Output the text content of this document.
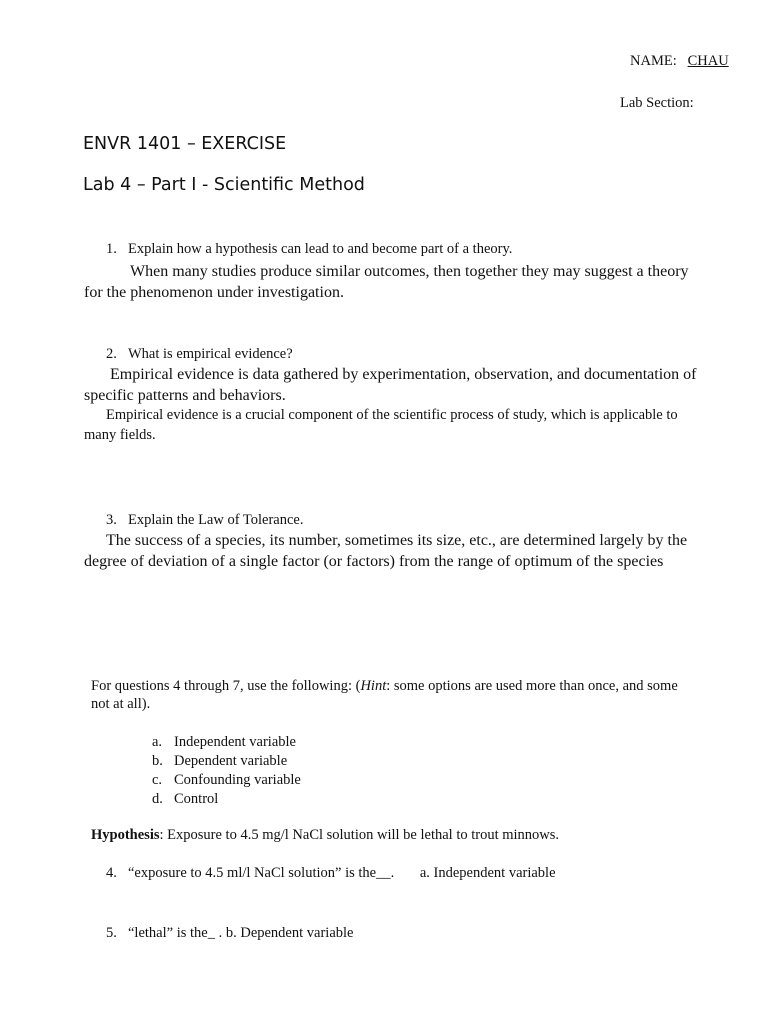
NAME: CHAU
Lab Section:
ENVR 1401 – EXERCISE
Lab 4 – Part I - Scientific Method
1. Explain how a hypothesis can lead to and become part of a theory.
When many studies produce similar outcomes, then together they may suggest a theory for the phenomenon under investigation.
2. What is empirical evidence?
Empirical evidence is data gathered by experimentation, observation, and documentation of specific patterns and behaviors.
Empirical evidence is a crucial component of the scientific process of study, which is applicable to many fields.
3. Explain the Law of Tolerance.
The success of a species, its number, sometimes its size, etc., are determined largely by the degree of deviation of a single factor (or factors) from the range of optimum of the species
For questions 4 through 7, use the following: (Hint: some options are used more than once, and some not at all).
a. Independent variable
b. Dependent variable
c. Confounding variable
d. Control
Hypothesis: Exposure to 4.5 mg/l NaCl solution will be lethal to trout minnows.
4. “exposure to 4.5 ml/l NaCl solution” is the__. a. Independent variable
5. “lethal” is the_ . b. Dependent variable
